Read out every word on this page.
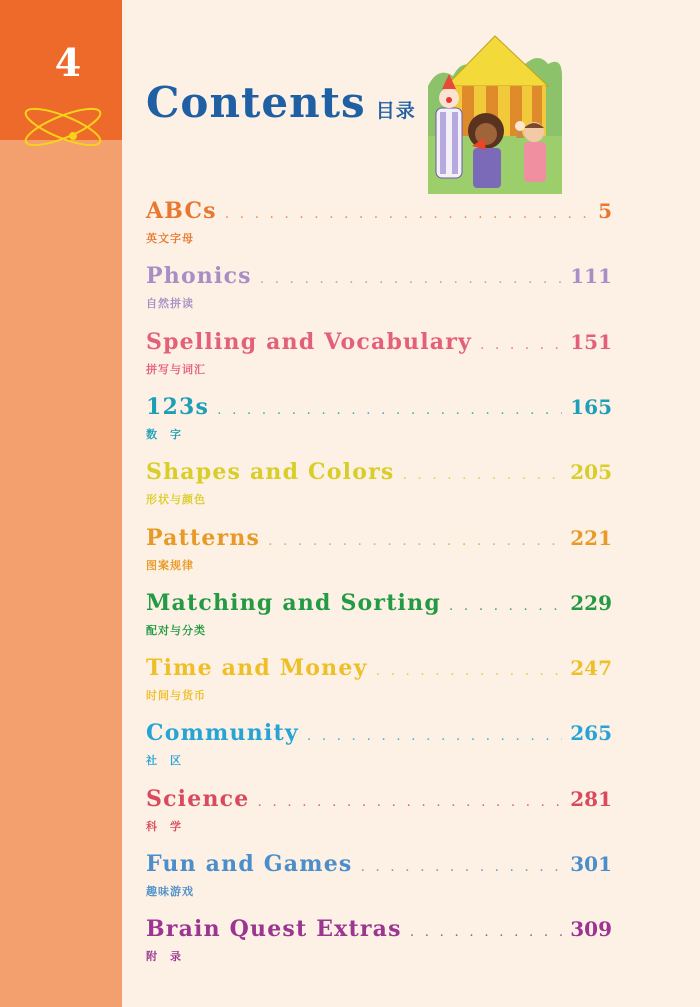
4
Contents 目录
ABCs . . .	5
英文字母
Phonics . . .	111
自然拼读
Spelling and Vocabulary . . .	151
拼写与词汇
123s . . .	165
数　字
Shapes and Colors . . .	205
形状与颜色
Patterns . . .	221
图案规律
Matching and Sorting . . .	229
配对与分类
Time and Money . . .	247
时间与货币
Community . . .	265
社　区
Science . . .	281
科　学
Fun and Games . . .	301
趣味游戏
Brain Quest Extras . . .	309
附　录
